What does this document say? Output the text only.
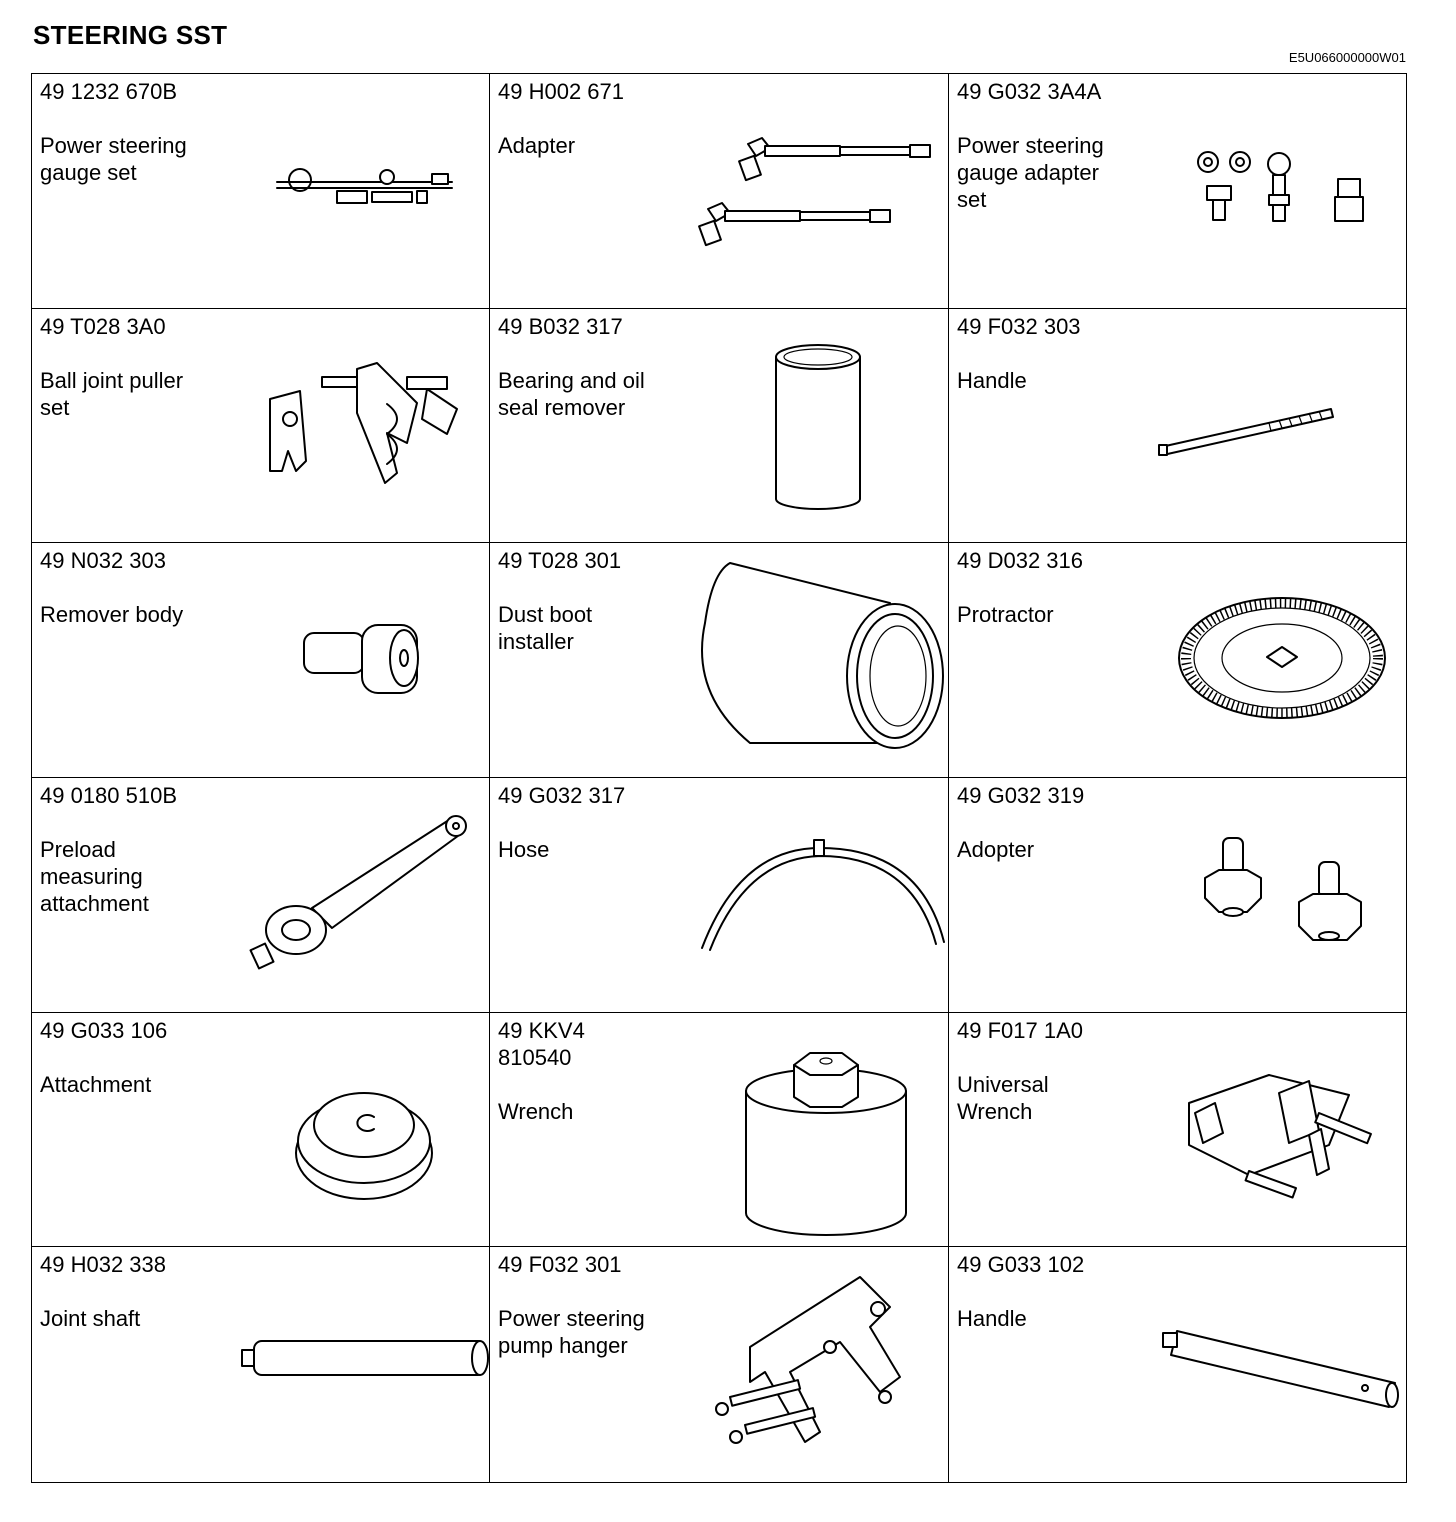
STEERING SST
E5U066000000W01
49 1232 670B
Power steering
gauge set
49 H002 671
Adapter
49 G032 3A4A
Power steering
gauge adapter
set
49 T028 3A0
Ball joint puller
set
49 B032 317
Bearing and oil
seal remover
49 F032 303
Handle
49 N032 303
Remover body
49 T028 301
Dust boot
installer
49 D032 316
Protractor
49 0180 510B
Preload
measuring
attachment
49 G032 317
Hose
49 G032 319
Adopter
49 G033 106
Attachment
49 KKV4
810540
Wrench
49 F017 1A0
Universal
Wrench
49 H032 338
Joint shaft
49 F032 301
Power steering
pump hanger
49 G033 102
Handle
